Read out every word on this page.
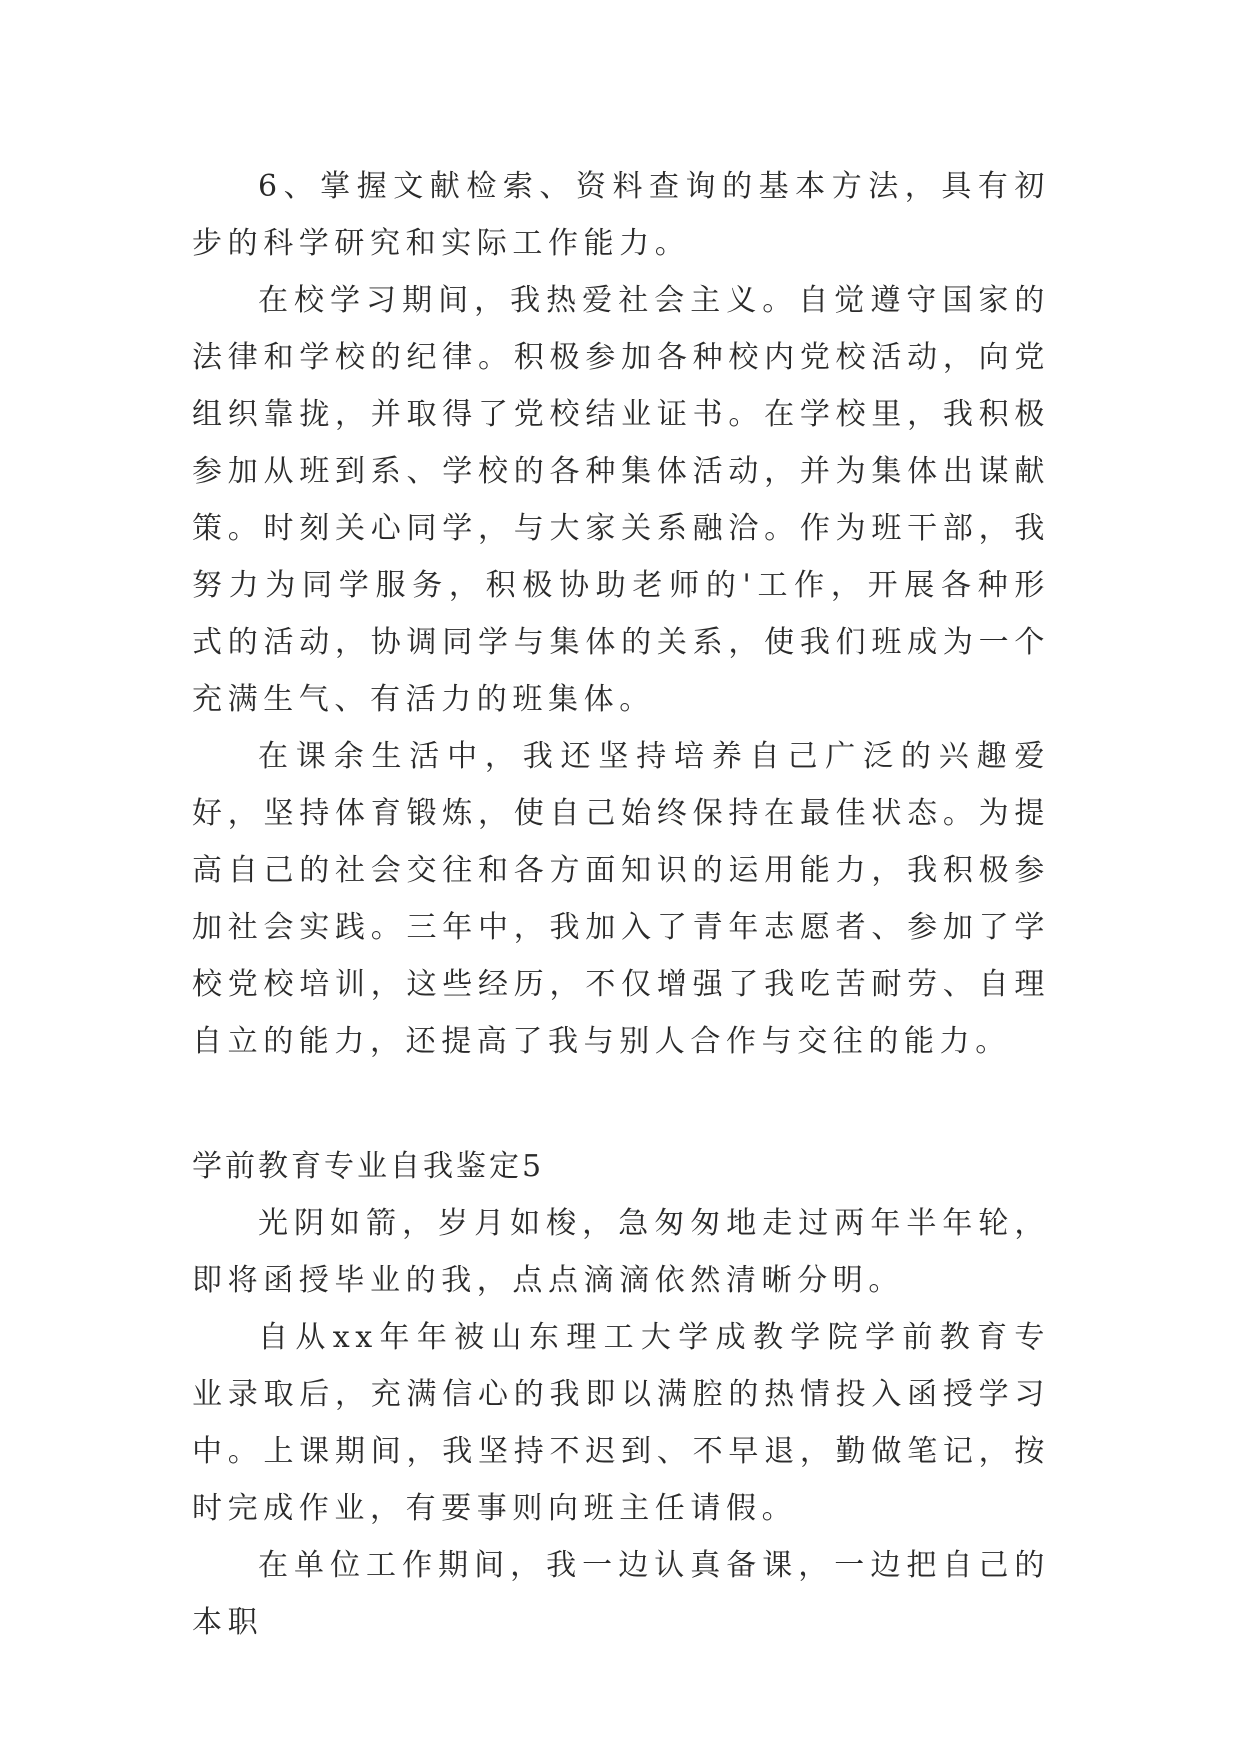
6、掌握文献检索、资料查询的基本方法，具有初步的科学研究和实际工作能力。

在校学习期间，我热爱社会主义。自觉遵守国家的法律和学校的纪律。积极参加各种校内党校活动，向党组织靠拢，并取得了党校结业证书。在学校里，我积极参加从班到系、学校的各种集体活动，并为集体出谋献策。时刻关心同学，与大家关系融洽。作为班干部，我努力为同学服务，积极协助老师的'工作，开展各种形式的活动，协调同学与集体的关系，使我们班成为一个充满生气、有活力的班集体。

在课余生活中，我还坚持培养自己广泛的兴趣爱好，坚持体育锻炼，使自己始终保持在最佳状态。为提高自己的社会交往和各方面知识的运用能力，我积极参加社会实践。三年中，我加入了青年志愿者、参加了学校党校培训，这些经历，不仅增强了我吃苦耐劳、自理自立的能力，还提高了我与别人合作与交往的能力。

学前教育专业自我鉴定5

光阴如箭，岁月如梭，急匆匆地走过两年半年轮，即将函授毕业的我，点点滴滴依然清晰分明。

自从xx年年被山东理工大学成教学院学前教育专业录取后，充满信心的我即以满腔的热情投入函授学习中。上课期间，我坚持不迟到、不早退，勤做笔记，按时完成作业，有要事则向班主任请假。

在单位工作期间，我一边认真备课，一边把自己的本职
